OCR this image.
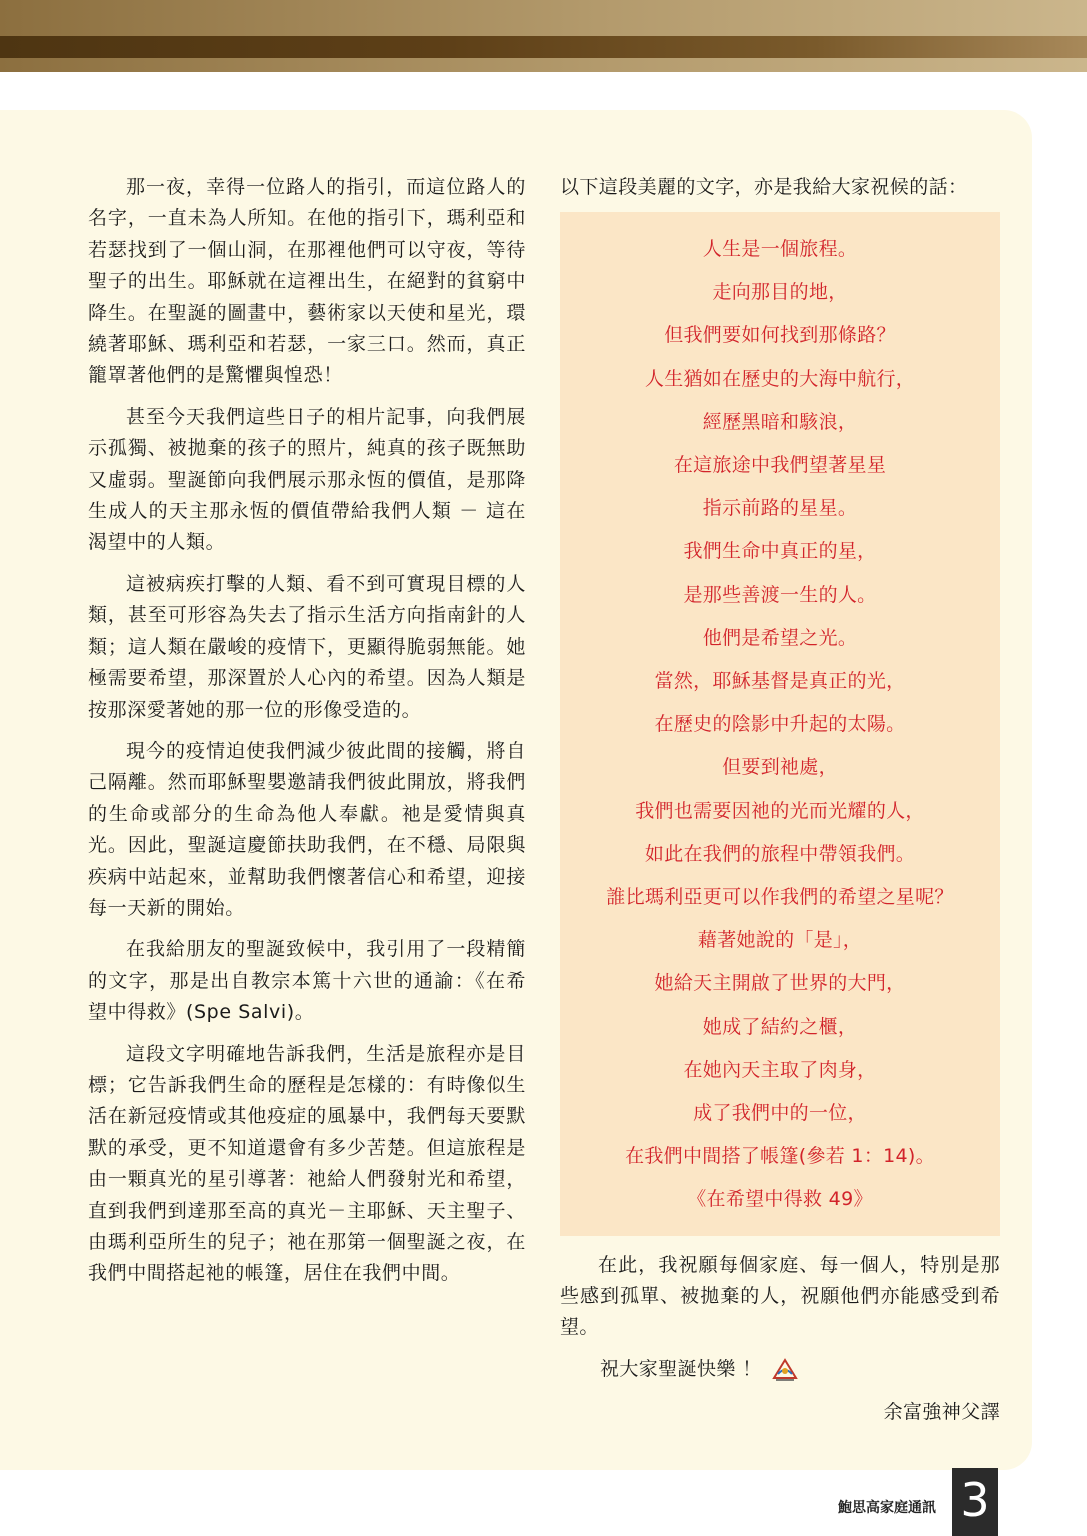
那一夜，幸得一位路人的指引，而這位路人的名字，一直未為人所知。在他的指引下，瑪利亞和若瑟找到了一個山洞，在那裡他們可以守夜，等待聖子的出生。耶穌就在這裡出生，在絕對的貧窮中降生。在聖誕的圖畫中，藝術家以天使和星光，環繞著耶穌、瑪利亞和若瑟，一家三口。然而，真正籠罩著他們的是驚懼與惶恐！

甚至今天我們這些日子的相片記事，向我們展示孤獨、被拋棄的孩子的照片，純真的孩子既無助又虛弱。聖誕節向我們展示那永恆的價值，是那降生成人的天主那永恆的價值帶給我們人類 － 這在渴望中的人類。

這被病疾打擊的人類、看不到可實現目標的人類，甚至可形容為失去了指示生活方向指南針的人類；這人類在嚴峻的疫情下，更顯得脆弱無能。她極需要希望，那深置於人心內的希望。因為人類是按那深愛著她的那一位的形像受造的。

現今的疫情迫使我們減少彼此間的接觸，將自己隔離。然而耶穌聖嬰邀請我們彼此開放，將我們的生命或部分的生命為他人奉獻。祂是愛情與真光。因此，聖誕這慶節扶助我們，在不穩、局限與疾病中站起來，並幫助我們懷著信心和希望，迎接每一天新的開始。

在我給朋友的聖誕致候中，我引用了一段精簡的文字，那是出自教宗本篤十六世的通諭：《在希望中得救》(Spe Salvi)。

這段文字明確地告訴我們，生活是旅程亦是目標；它告訴我們生命的歷程是怎樣的：有時像似生活在新冠疫情或其他疫症的風暴中，我們每天要默默的承受，更不知道還會有多少苦楚。但這旅程是由一顆真光的星引導著：祂給人們發射光和希望，直到我們到達那至高的真光－主耶穌、天主聖子、由瑪利亞所生的兒子；祂在那第一個聖誕之夜，在我們中間搭起祂的帳篷，居住在我們中間。

以下這段美麗的文字，亦是我給大家祝候的話：

人生是一個旅程。
走向那目的地，
但我們要如何找到那條路？
人生猶如在歷史的大海中航行，
經歷黑暗和駭浪，
在這旅途中我們望著星星
指示前路的星星。
我們生命中真正的星，
是那些善渡一生的人。
他們是希望之光。
當然，耶穌基督是真正的光，
在歷史的陰影中升起的太陽。
但要到祂處，
我們也需要因祂的光而光耀的人，
如此在我們的旅程中帶領我們。
誰比瑪利亞更可以作我們的希望之星呢？
藉著她說的「是」，
她給天主開啟了世界的大門，
她成了結約之櫃，
在她內天主取了肉身，
成了我們中的一位，
在我們中間搭了帳篷(參若 1：14)。
《在希望中得救 49》

在此，我祝願每個家庭、每一個人，特別是那些感到孤單、被拋棄的人，祝願他們亦能感受到希望。

祝大家聖誕快樂 ！

余富強神父譯

鮑思高家庭通訊 3
